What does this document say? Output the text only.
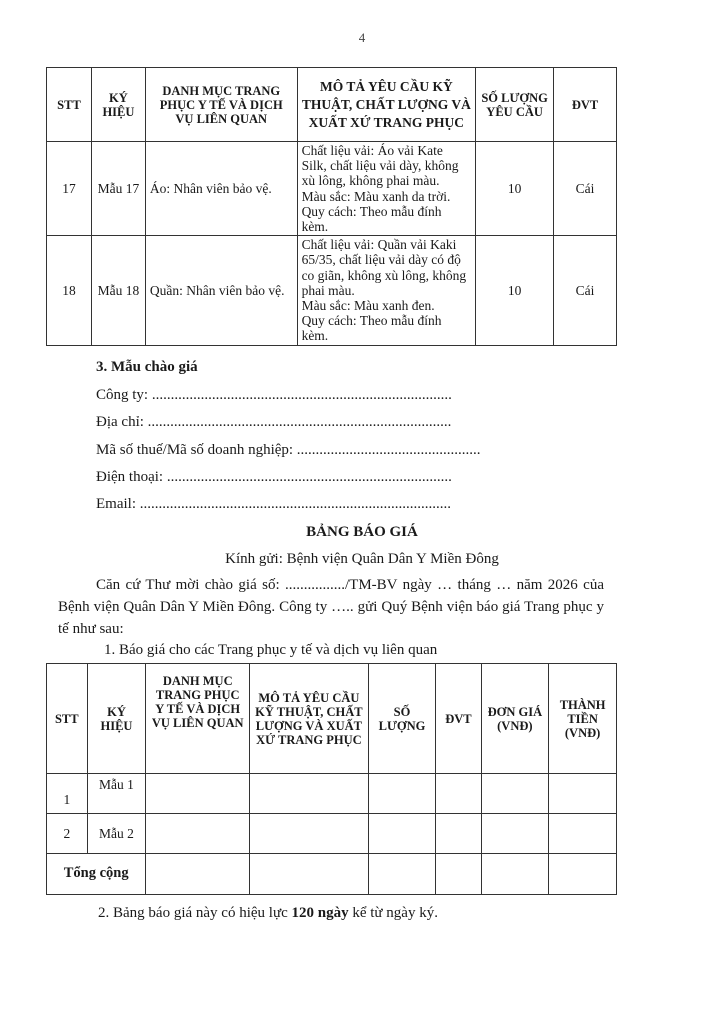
4
STT	KÝ HIỆU	DANH MỤC TRANG PHỤC Y TẾ VÀ DỊCH VỤ LIÊN QUAN	MÔ TẢ YÊU CẦU KỸ THUẬT, CHẤT LƯỢNG VÀ XUẤT XỨ TRANG PHỤC	SỐ LƯỢNG YÊU CẦU	ĐVT
17	Mẫu 17	Áo: Nhân viên bảo vệ.	Chất liệu vải: Áo vải Kate Silk, chất liệu vải dày, không xù lông, không phai màu.
Màu sắc: Màu xanh da trời.
Quy cách: Theo mẫu đính kèm.	10	Cái
18	Mẫu 18	Quần: Nhân viên bảo vệ.	Chất liệu vải: Quần vải Kaki 65/35, chất liệu vải dày có độ co giãn, không xù lông, không phai màu.
Màu sắc: Màu xanh đen.
Quy cách: Theo mẫu đính kèm.	10	Cái
3. Mẫu chào giá
Công ty: ................................................................................
Địa chỉ: .................................................................................
Mã số thuế/Mã số doanh nghiệp: .................................................
Điện thoại: ............................................................................
Email: ...................................................................................
BẢNG BÁO GIÁ
Kính gửi: Bệnh viện Quân Dân Y Miền Đông
Căn cứ Thư mời chào giá số: ................/TM-BV ngày … tháng … năm 2026 của Bệnh viện Quân Dân Y Miền Đông. Công ty ….. gửi Quý Bệnh viện báo giá Trang phục y tế như sau:
1. Báo giá cho các Trang phục y tế và dịch vụ liên quan
STT	KÝ HIỆU	DANH MỤC TRANG PHỤC Y TẾ VÀ DỊCH VỤ LIÊN QUAN	MÔ TẢ YÊU CẦU KỸ THUẬT, CHẤT LƯỢNG VÀ XUẤT XỨ TRANG PHỤC	SỐ LƯỢNG	ĐVT	ĐƠN GIÁ (VNĐ)	THÀNH TIỀN (VNĐ)
1	Mẫu 1						
2	Mẫu 2						
Tổng cộng							
2. Bảng báo giá này có hiệu lực 120 ngày kể từ ngày ký.
